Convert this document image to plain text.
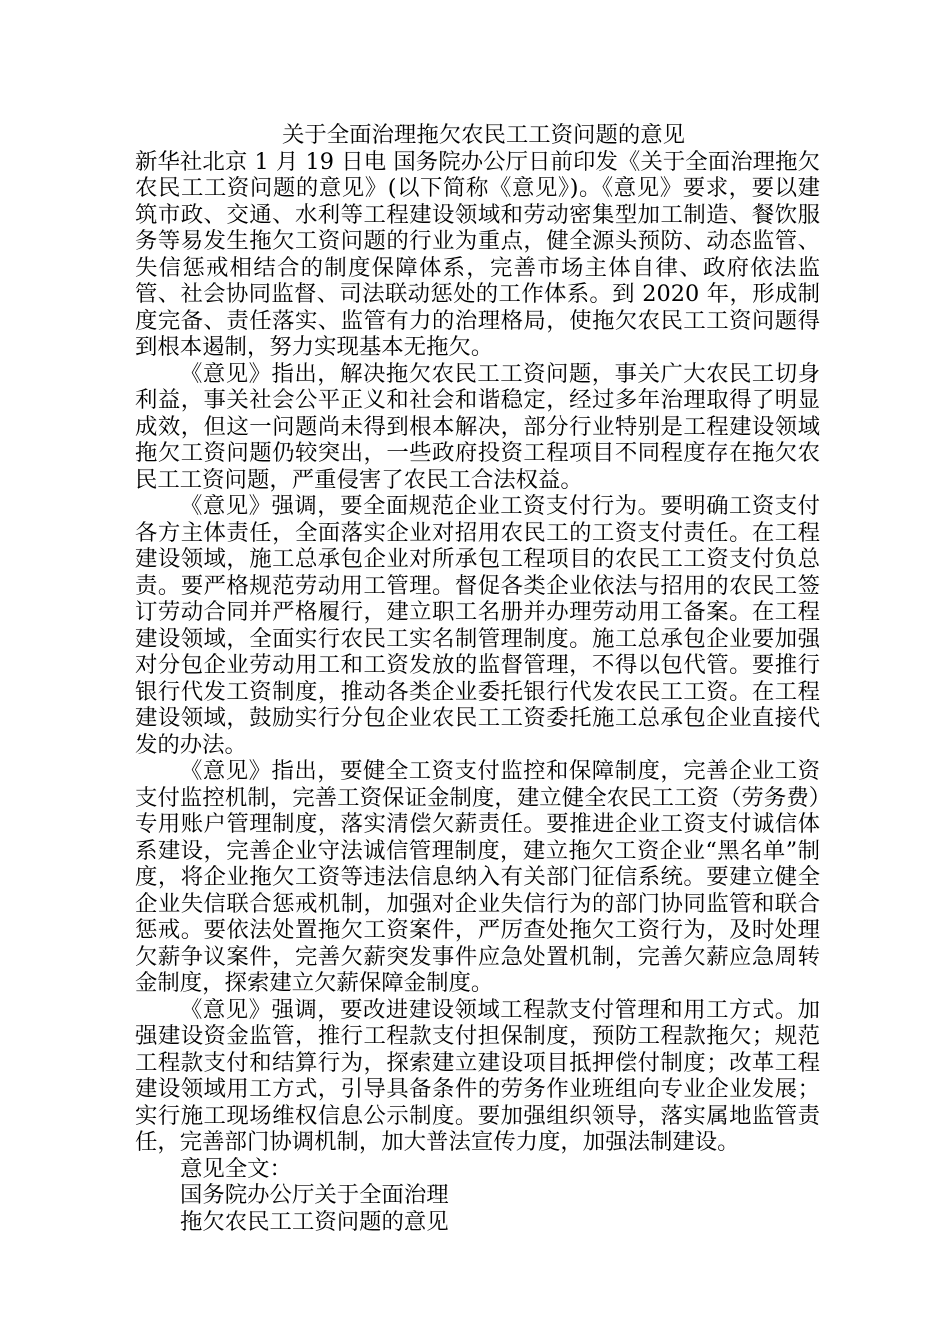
关于全面治理拖欠农民工工资问题的意见

新华社北京 1 月 19 日电 国务院办公厅日前印发《关于全面治理拖欠农民工工资问题的意见》(以下简称《意见》)。《意见》要求，要以建筑市政、交通、水利等工程建设领域和劳动密集型加工制造、餐饮服务等易发生拖欠工资问题的行业为重点，健全源头预防、动态监管、失信惩戒相结合的制度保障体系，完善市场主体自律、政府依法监管、社会协同监督、司法联动惩处的工作体系。到 2020 年，形成制度完备、责任落实、监管有力的治理格局，使拖欠农民工工资问题得到根本遏制，努力实现基本无拖欠。

《意见》指出，解决拖欠农民工工资问题，事关广大农民工切身利益，事关社会公平正义和社会和谐稳定，经过多年治理取得了明显成效，但这一问题尚未得到根本解决，部分行业特别是工程建设领域拖欠工资问题仍较突出，一些政府投资工程项目不同程度存在拖欠农民工工资问题，严重侵害了农民工合法权益。

《意见》强调，要全面规范企业工资支付行为。要明确工资支付各方主体责任，全面落实企业对招用农民工的工资支付责任。在工程建设领域，施工总承包企业对所承包工程项目的农民工工资支付负总责。要严格规范劳动用工管理。督促各类企业依法与招用的农民工签订劳动合同并严格履行，建立职工名册并办理劳动用工备案。在工程建设领域，全面实行农民工实名制管理制度。施工总承包企业要加强对分包企业劳动用工和工资发放的监督管理，不得以包代管。要推行银行代发工资制度，推动各类企业委托银行代发农民工工资。在工程建设领域，鼓励实行分包企业农民工工资委托施工总承包企业直接代发的办法。

《意见》指出，要健全工资支付监控和保障制度，完善企业工资支付监控机制，完善工资保证金制度，建立健全农民工工资（劳务费）专用账户管理制度，落实清偿欠薪责任。要推进企业工资支付诚信体系建设，完善企业守法诚信管理制度，建立拖欠工资企业“黑名单”制度，将企业拖欠工资等违法信息纳入有关部门征信系统。要建立健全企业失信联合惩戒机制，加强对企业失信行为的部门协同监管和联合惩戒。要依法处置拖欠工资案件，严厉查处拖欠工资行为，及时处理欠薪争议案件，完善欠薪突发事件应急处置机制，完善欠薪应急周转金制度，探索建立欠薪保障金制度。

《意见》强调，要改进建设领域工程款支付管理和用工方式。加强建设资金监管，推行工程款支付担保制度，预防工程款拖欠；规范工程款支付和结算行为，探索建立建设项目抵押偿付制度；改革工程建设领域用工方式，引导具备条件的劳务作业班组向专业企业发展；实行施工现场维权信息公示制度。要加强组织领导，落实属地监管责任，完善部门协调机制，加大普法宣传力度，加强法制建设。

意见全文：

国务院办公厅关于全面治理

拖欠农民工工资问题的意见
